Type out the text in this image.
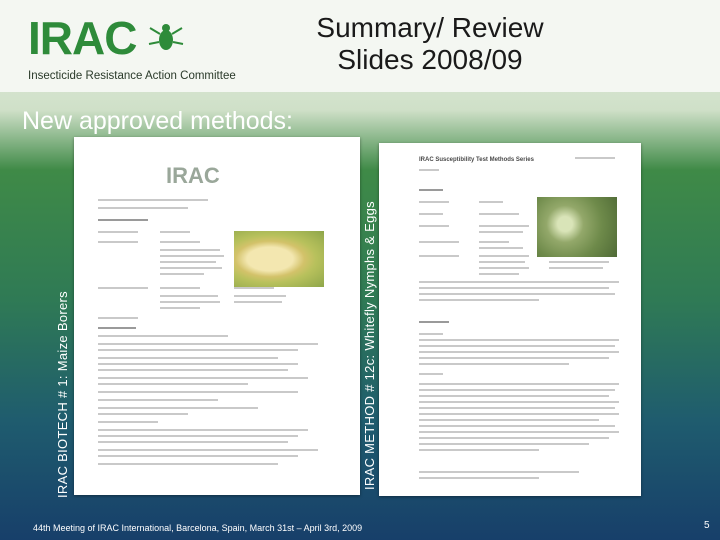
IRAC
Insecticide Resistance Action Committee
Summary/ Review Slides 2008/09
New approved methods:
IRAC BIOTECH # 1: Maize Borers	IRAC METHOD # 12c: Whitefly Nymphs & Eggs
IRAC
IRAC Susceptibility Test Methods Series
44th Meeting of IRAC International, Barcelona, Spain, March 31st – April 3rd, 2009	5
